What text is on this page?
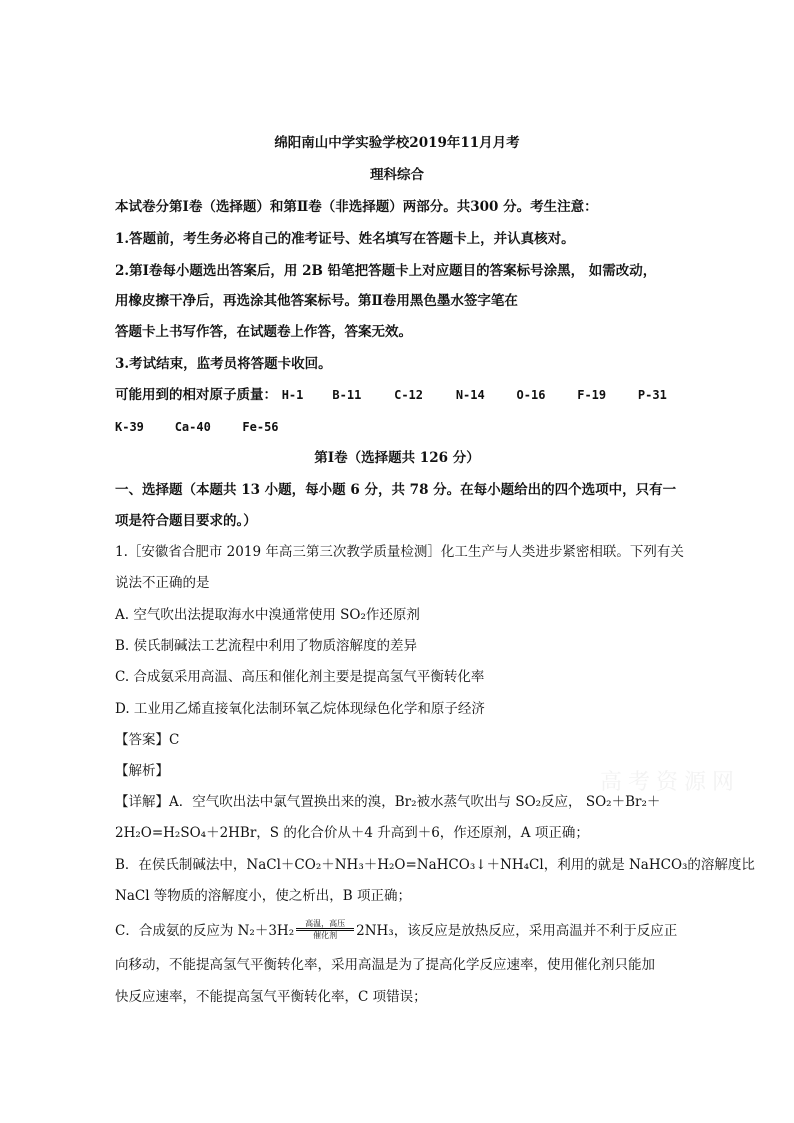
绵阳南山中学实验学校2019年11月月考
理科综合
本试卷分第Ⅰ卷（选择题）和第Ⅱ卷（非选择题）两部分。共300 分。考生注意：
1.答题前，考生务必将自己的准考证号、姓名填写在答题卡上，并认真核对。
2.第Ⅰ卷每小题选出答案后，用 2B 铅笔把答题卡上对应题目的答案标号涂黑， 如需改动，
用橡皮擦干净后，再选涂其他答案标号。第Ⅱ卷用黑色墨水签字笔在
答题卡上书写作答，在试题卷上作答，答案无效。
3.考试结束，监考员将答题卡收回。
可能用到的相对原子质量： H-1 B-11	C-12	N-14	O-16	F-19	P-31
K-39	Ca-40	Fe-56
第Ⅰ卷（选择题共 126 分）
一、选择题（本题共 13 小题，每小题 6 分，共 78 分。在每小题给出的四个选项中，只有一
项是符合题目要求的。）
1.［安徽省合肥市 2019 年高三第三次教学质量检测］化工生产与人类进步紧密相联。下列有关
说法不正确的是
A. 空气吹出法提取海水中溴通常使用 SO₂作还原剂
B. 侯氏制碱法工艺流程中利用了物质溶解度的差异
C. 合成氨采用高温、高压和催化剂主要是提高氢气平衡转化率
D. 工业用乙烯直接氧化法制环氧乙烷体现绿色化学和原子经济
【答案】C
【解析】
【详解】A．空气吹出法中氯气置换出来的溴，Br₂被水蒸气吹出与 SO₂反应， SO₂＋Br₂＋
2H₂O=H₂SO₄＋2HBr，S 的化合价从＋4 升高到＋6，作还原剂，A 项正确；
B．在侯氏制碱法中，NaCl＋CO₂＋NH₃＋H₂O=NaHCO₃↓＋NH₄Cl，利用的就是 NaHCO₃的溶解度比
NaCl 等物质的溶解度小，使之析出，B 项正确；
C．合成氨的反应为 $N_2+3H_2 \frac{\text{高温，高压}}{\text{催化剂}} 2NH_3$，该反应是放热反应，采用高温并不利于反应正
向移动，不能提高氢气平衡转化率，采用高温是为了提高化学反应速率，使用催化剂只能加
快反应速率，不能提高氢气平衡转化率，C 项错误；
高考资源网
